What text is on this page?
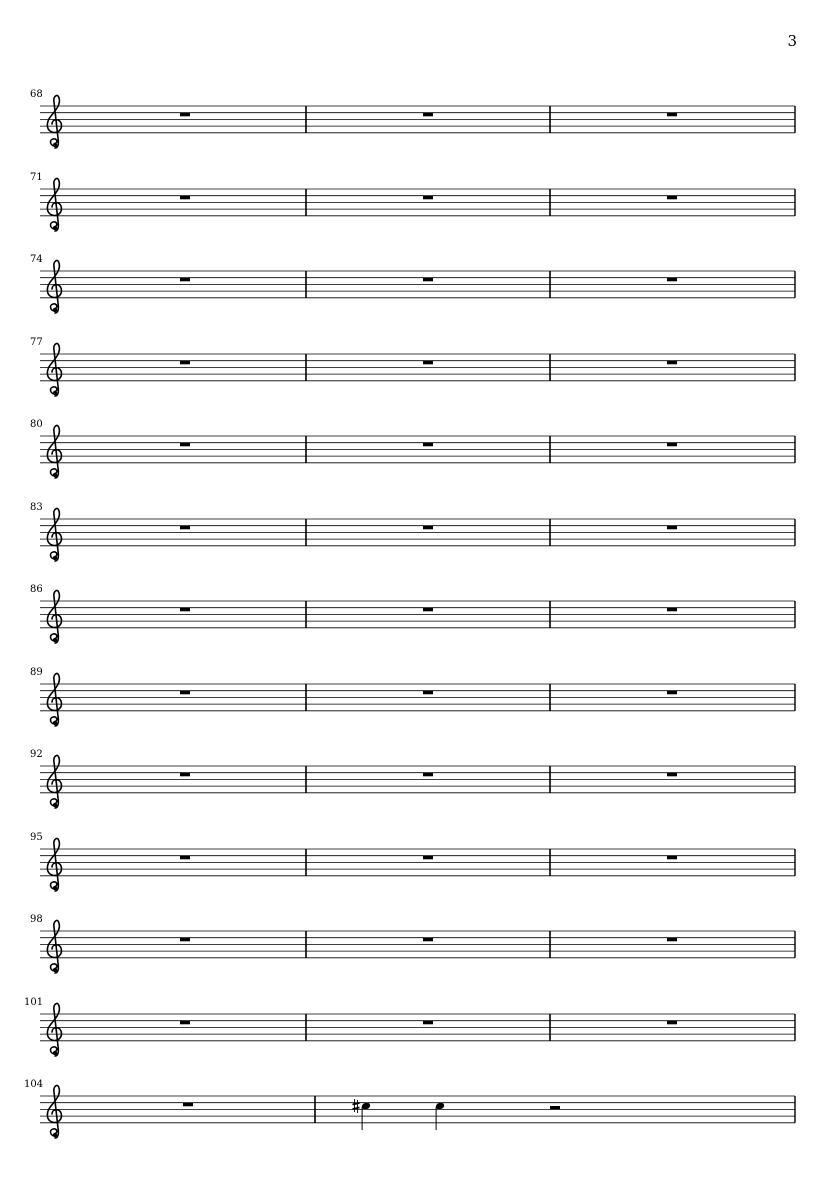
3
68
71
74
77
80
83
86
89
92
95
98
101
104
